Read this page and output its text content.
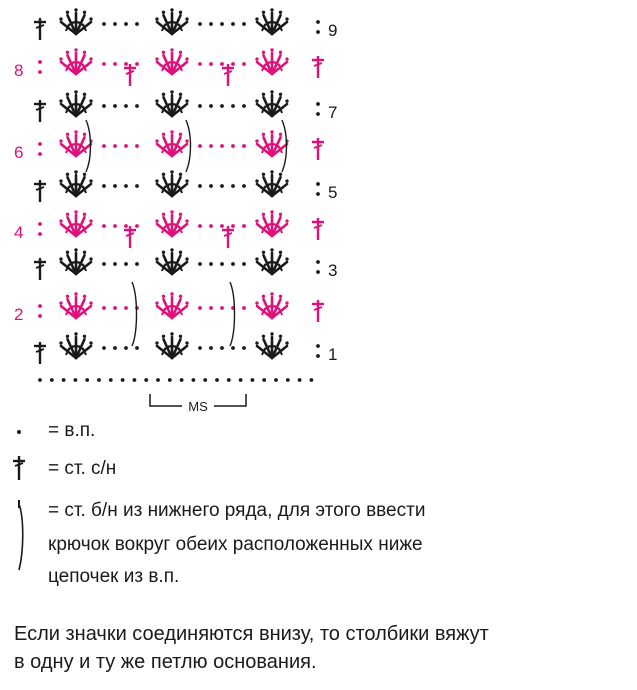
1
2
3
4
5
6
7
8
9
MS
= в.п.
= ст. с/н
= ст. б/н из нижнего ряда, для этого ввести
крючок вокруг обеих расположенных ниже
цепочек из в.п.
Если значки соединяются внизу, то столбики вяжут
в одну и ту же петлю основания.
